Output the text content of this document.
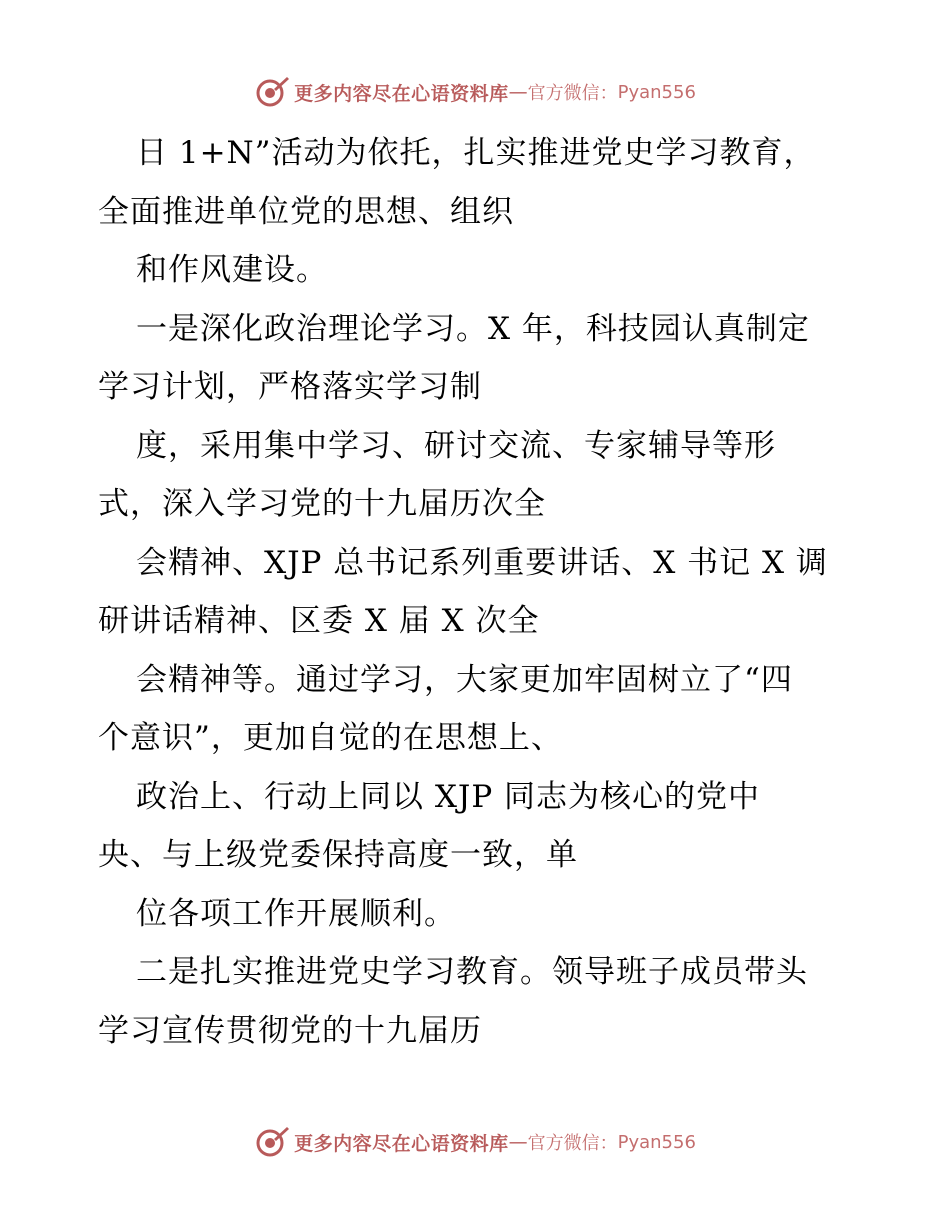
更多内容尽在心语资料库 — 官方微信： Pyan556
日 1+N”活动为依托，扎实推进党史学习教育，
全面推进单位党的思想、组织
和作风建设。
一是深化政治理论学习。X 年，科技园认真制定
学习计划，严格落实学习制
度，采用集中学习、研讨交流、专家辅导等形
式，深入学习党的十九届历次全
会精神、XJP 总书记系列重要讲话、X 书记 X 调
研讲话精神、区委 X 届 X 次全
会精神等。通过学习，大家更加牢固树立了“四
个意识”，更加自觉的在思想上、
政治上、行动上同以 XJP 同志为核心的党中
央、与上级党委保持高度一致，单
位各项工作开展顺利。
二是扎实推进党史学习教育。领导班子成员带头
学习宣传贯彻党的十九届历
更多内容尽在心语资料库 — 官方微信： Pyan556
